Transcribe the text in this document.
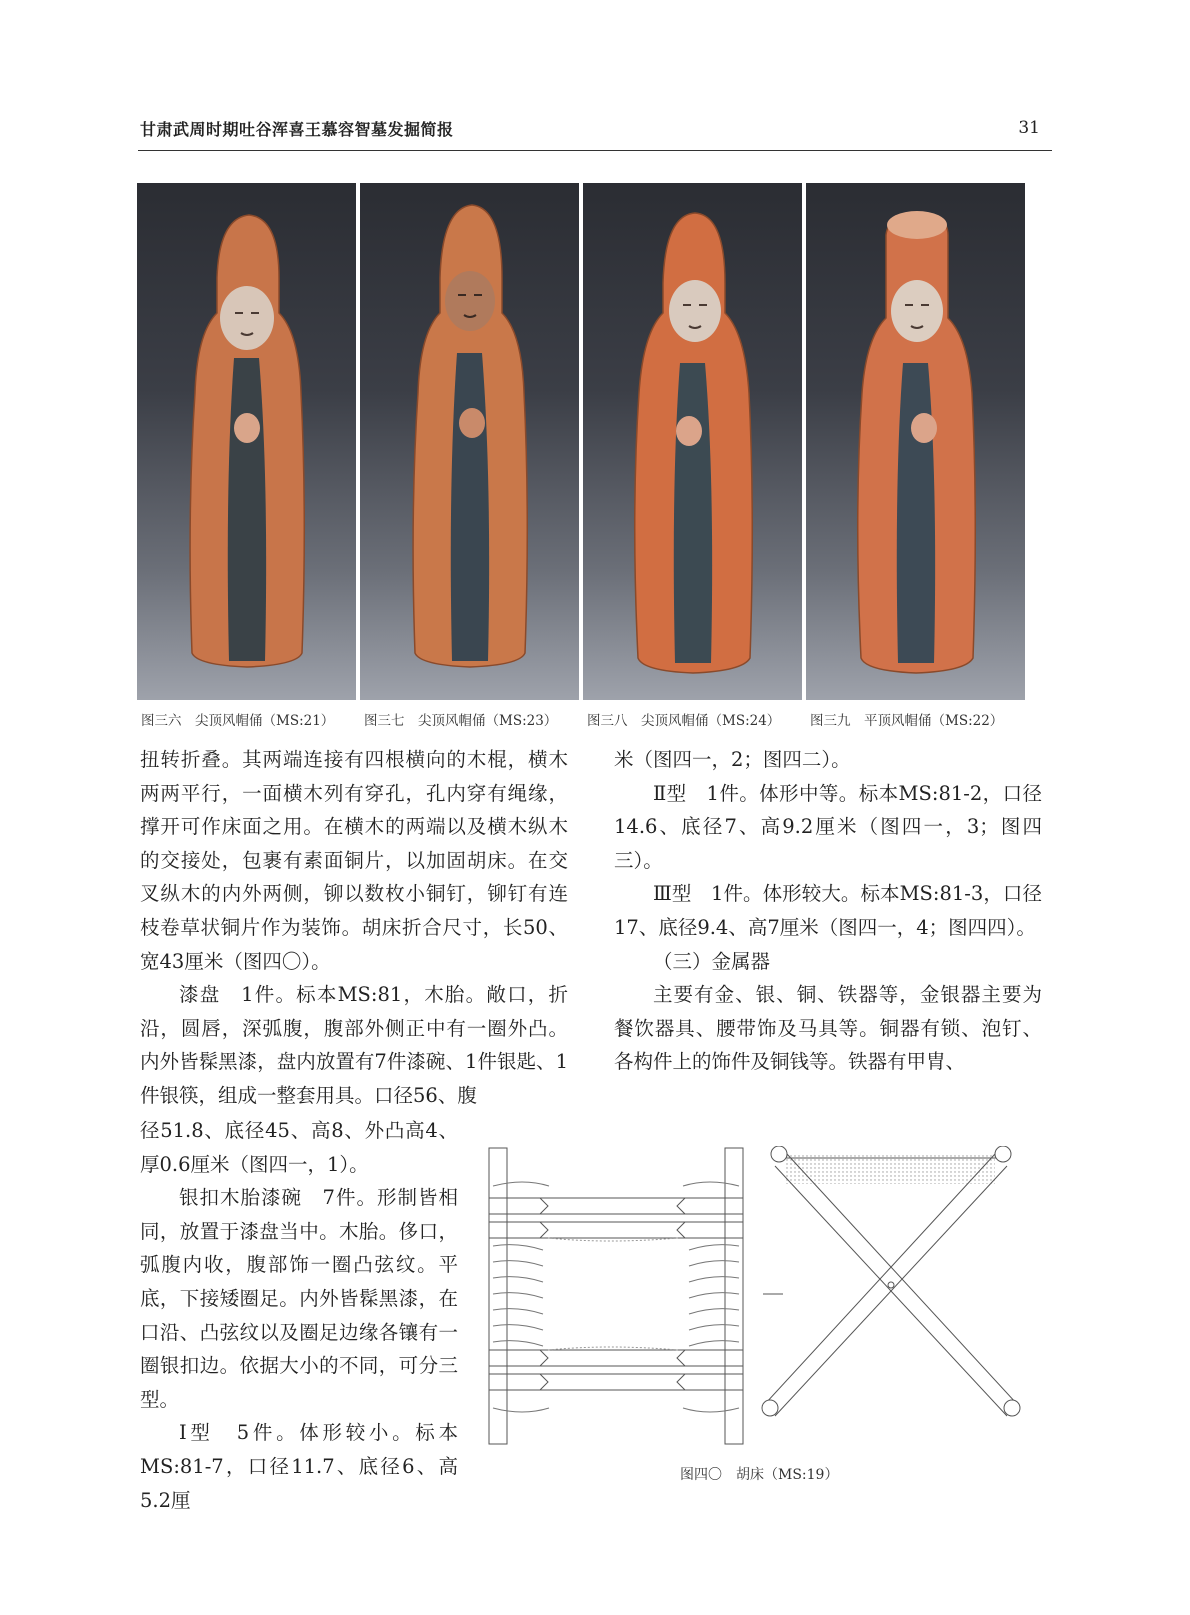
甘肃武周时期吐谷浑喜王慕容智墓发掘简报	31
图三六　尖顶风帽俑（MS:21） 图三七　尖顶风帽俑（MS:23） 图三八　尖顶风帽俑（MS:24） 图三九　平顶风帽俑（MS:22）

扭转折叠。其两端连接有四根横向的木棍，横木两两平行，一面横木列有穿孔，孔内穿有绳缘，撑开可作床面之用。在横木的两端以及横木纵木的交接处，包裹有素面铜片，以加固胡床。在交叉纵木的内外两侧，铆以数枚小铜钉，铆钉有连枝卷草状铜片作为装饰。胡床折合尺寸，长50、宽43厘米（图四〇）。

漆盘　1件。标本MS:81，木胎。敞口，折沿，圆唇，深弧腹，腹部外侧正中有一圈外凸。内外皆髹黑漆，盘内放置有7件漆碗、1件银匙、1件银筷，组成一整套用具。口径56、腹

径51.8、底径45、高8、外凸高4、厚0.6厘米（图四一，1）。

银扣木胎漆碗　7件。形制皆相同，放置于漆盘当中。木胎。侈口，弧腹内收，腹部饰一圈凸弦纹。平底，下接矮圈足。内外皆髹黑漆，在口沿、凸弦纹以及圈足边缘各镶有一圈银扣边。依据大小的不同，可分三型。

Ⅰ型　5件。体形较小。标本MS:81-7，口径11.7、底径6、高5.2厘

米（图四一，2；图四二）。

Ⅱ型　1件。体形中等。标本MS:81-2，口径14.6、底径7、高9.2厘米（图四一，3；图四三）。

Ⅲ型　1件。体形较大。标本MS:81-3，口径17、底径9.4、高7厘米（图四一，4；图四四）。

（三）金属器

主要有金、银、铜、铁器等，金银器主要为餐饮器具、腰带饰及马具等。铜器有锁、泡钉、各构件上的饰件及铜钱等。铁器有甲胄、

图四〇　胡床（MS:19）
